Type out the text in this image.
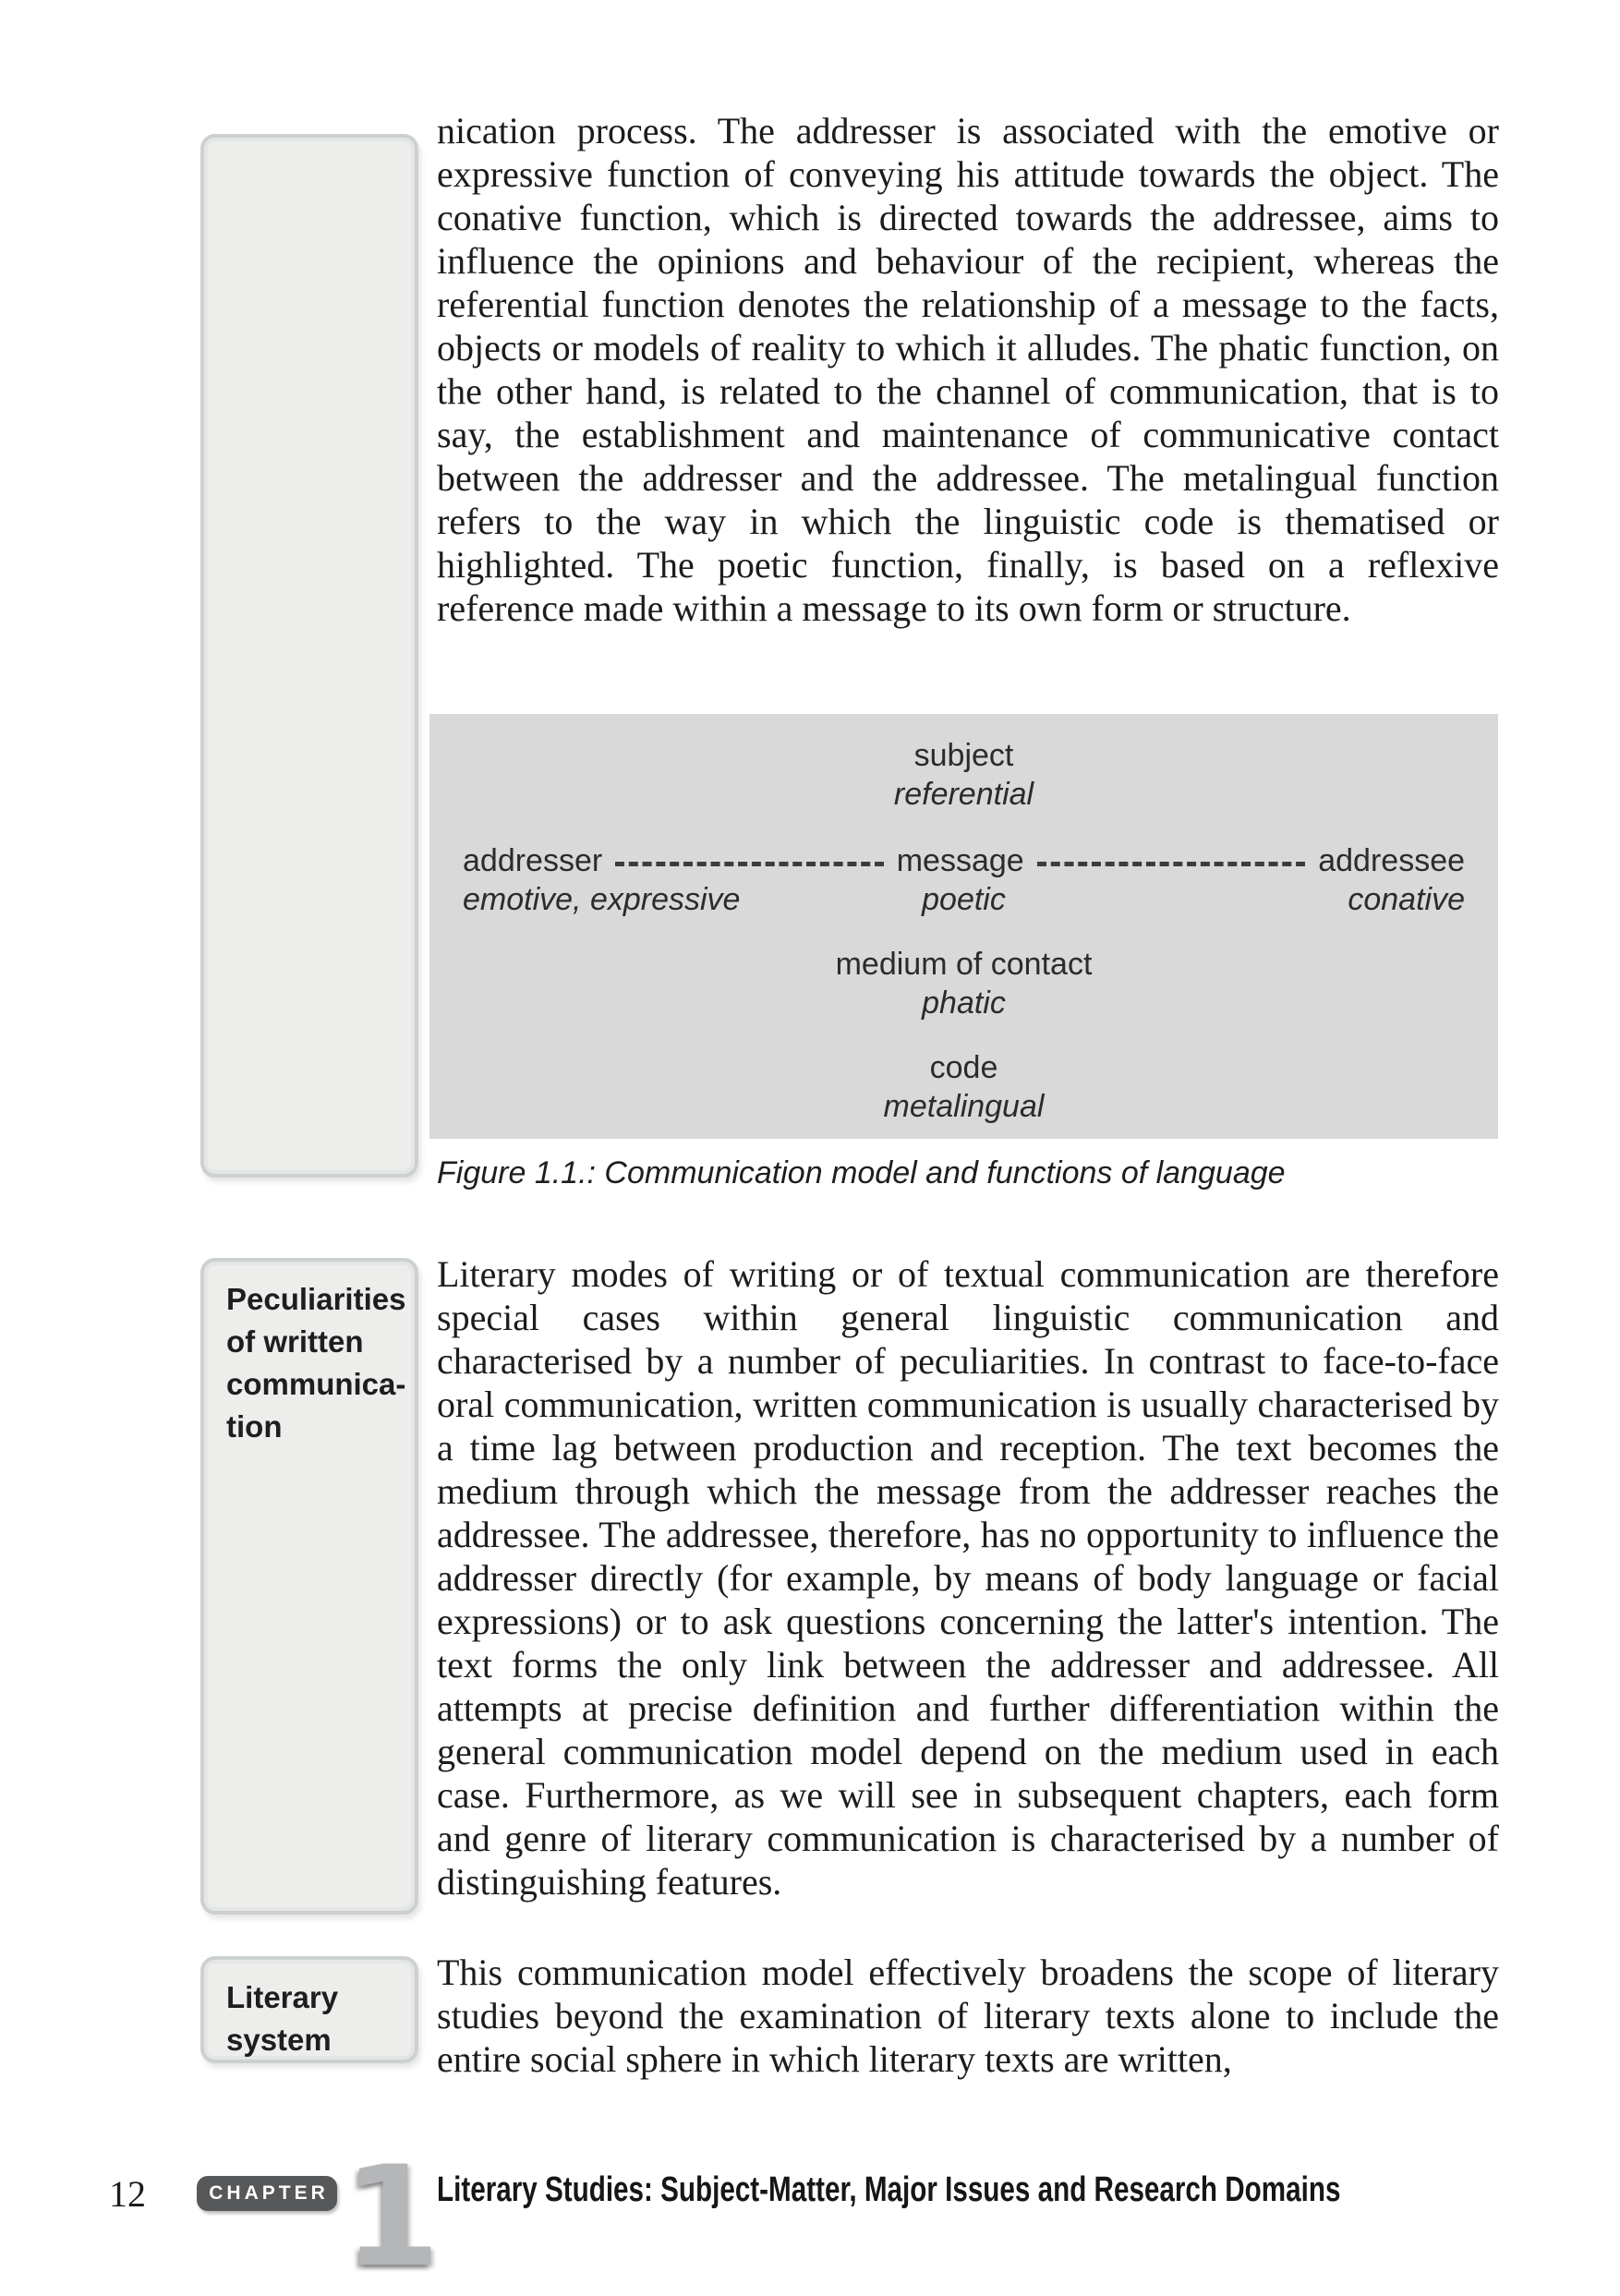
nication process. The addresser is associated with the emotive or expressive function of conveying his attitude towards the object. The conative function, which is directed towards the addressee, aims to influence the opinions and behaviour of the recipient, whereas the referential function denotes the relationship of a message to the facts, objects or models of reality to which it alludes. The phatic function, on the other hand, is related to the channel of communication, that is to say, the establishment and maintenance of communicative contact between the addresser and the addressee. The metalingual function refers to the way in which the linguistic code is thematised or highlighted. The poetic function, finally, is based on a reflexive reference made within a message to its own form or structure.

subject
referential
addresser	message	addressee
emotive, expressive	poetic	conative
medium of contact
phatic
code
metalingual
Figure 1.1.: Communication model and functions of language
Peculiarities
of written
communica-
tion

Literary modes of writing or of textual communication are therefore special cases within general linguistic communication and characterised by a number of peculiarities. In contrast to face-to-face oral communication, written communication is usually characterised by a time lag between production and reception. The text becomes the medium through which the message from the addresser reaches the addressee. The addressee, therefore, has no opportunity to influence the addresser directly (for example, by means of body language or facial expressions) or to ask questions concerning the latter's intention. The text forms the only link between the addresser and addressee. All attempts at precise definition and further differentiation within the general communication model depend on the medium used in each case. Furthermore, as we will see in subsequent chapters, each form and genre of literary communication is characterised by a number of distinguishing features.

Literary
system

This communication model effectively broadens the scope of literary studies beyond the examination of literary texts alone to include the entire social sphere in which literary texts are written,

12	CHAPTER 1
Literary Studies: Subject-Matter, Major Issues and Research Domains
